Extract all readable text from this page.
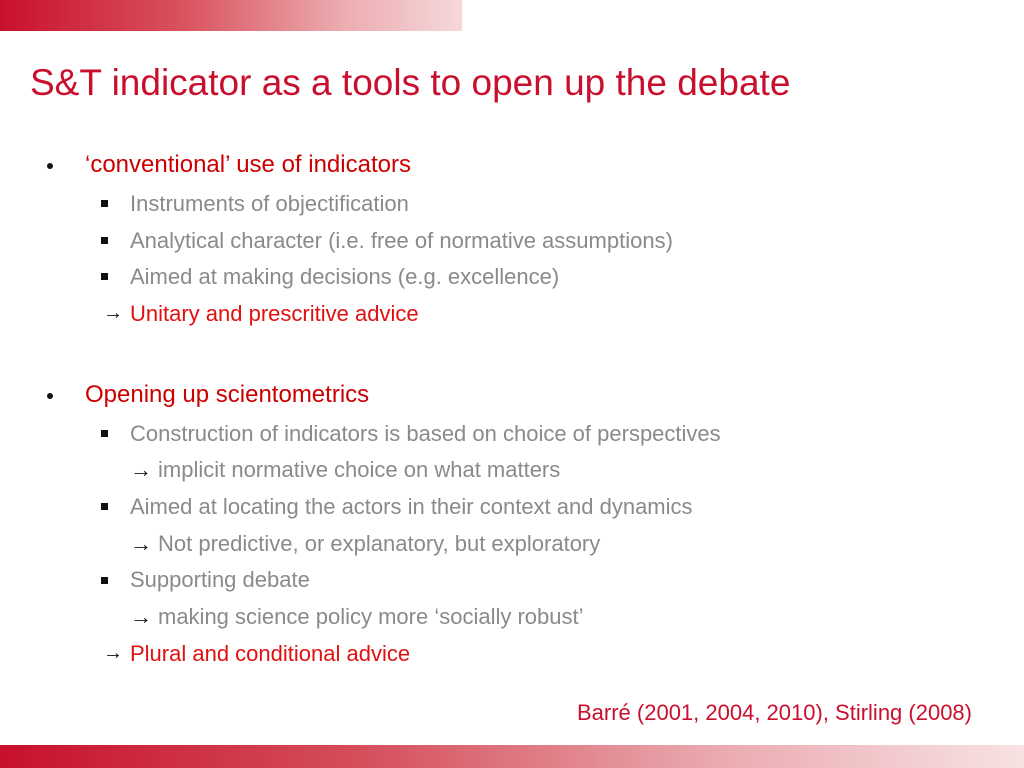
S&T indicator as a tools to open up the debate
‘conventional’ use of indicators
Instruments of objectification
Analytical character (i.e. free of normative assumptions)
Aimed at making decisions (e.g. excellence)
→ Unitary and prescritive advice
Opening up scientometrics
Construction of indicators is based on choice of perspectives
→ implicit normative choice on what matters
Aimed at locating the actors in their context and dynamics
→ Not predictive, or explanatory, but exploratory
Supporting debate
→ making science policy more ‘socially robust’
→ Plural and conditional advice
Barré (2001, 2004, 2010), Stirling (2008)
